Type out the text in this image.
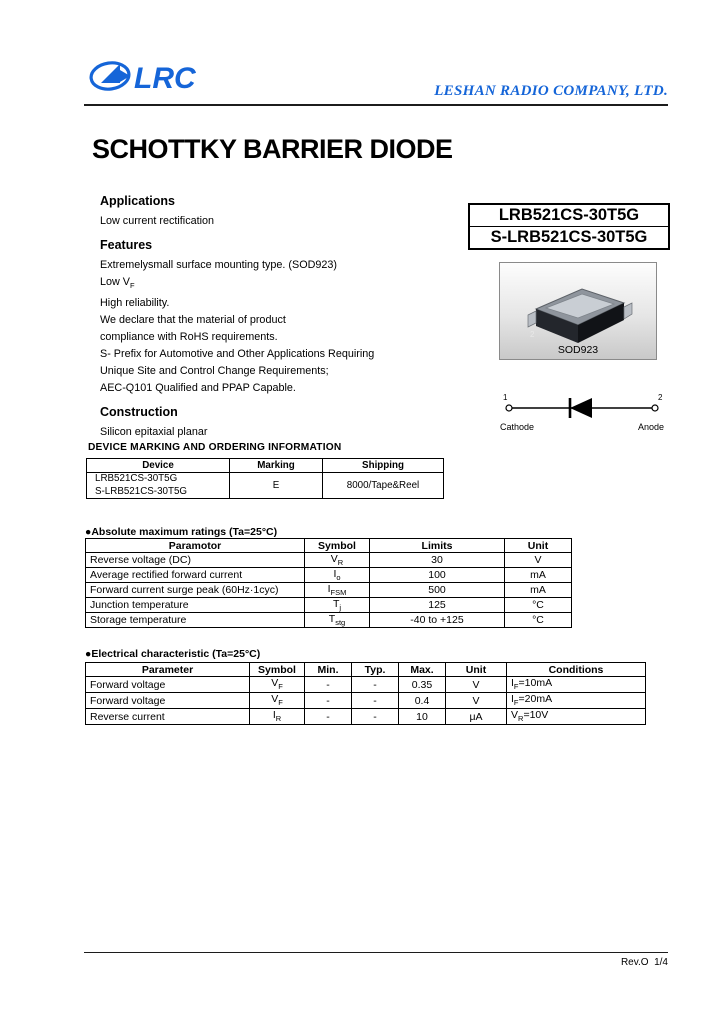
LRC	LESHAN RADIO COMPANY, LTD.
SCHOTTKY BARRIER DIODE
Applications

Low current rectification

Features

Extremelysmall surface mounting type. (SOD923)

Low $V_F$

High reliability.

We declare that the material of product

compliance with RoHS requirements.

S- Prefix for Automotive and Other Applications Requiring

Unique Site and Control Change Requirements;

AEC-Q101 Qualified and PPAP Capable.

Construction

Silicon epitaxial planar

LRB521CS-30T5G
S-LRB521CS-30T5G
2
SOD923
1	2
Cathode	Anode
DEVICE MARKING AND ORDERING INFORMATION
Device	Marking	Shipping

LRB521CS-30T5G
S-LRB521CS-30T5G	E	8000/Tape&Reel
●Absolute maximum ratings (Ta=25°C)
Paramotor	Symbol	Limits	Unit
Reverse voltage (DC)	$V_R$	30	V
Average rectified forward current	$I_o$	100	mA
Forward current surge peak (60Hz·1cyc)	$I_{FSM}$	500	mA
Junction temperature	$T_j$	125	°C
Storage temperature	$T_{stg}$	-40 to +125	°C
●Electrical characteristic (Ta=25°C)
Parameter	Symbol	Min.	Typ.	Max.	Unit	Conditions
Forward voltage	$V_F$	-	-	0.35	V	$I_F=10mA$
Forward voltage	$V_F$	-	-	0.4	V	$I_F=20mA$
Reverse current	$I_R$	-	-	10	μA	$V_R=10V$
Rev.O  1/4
